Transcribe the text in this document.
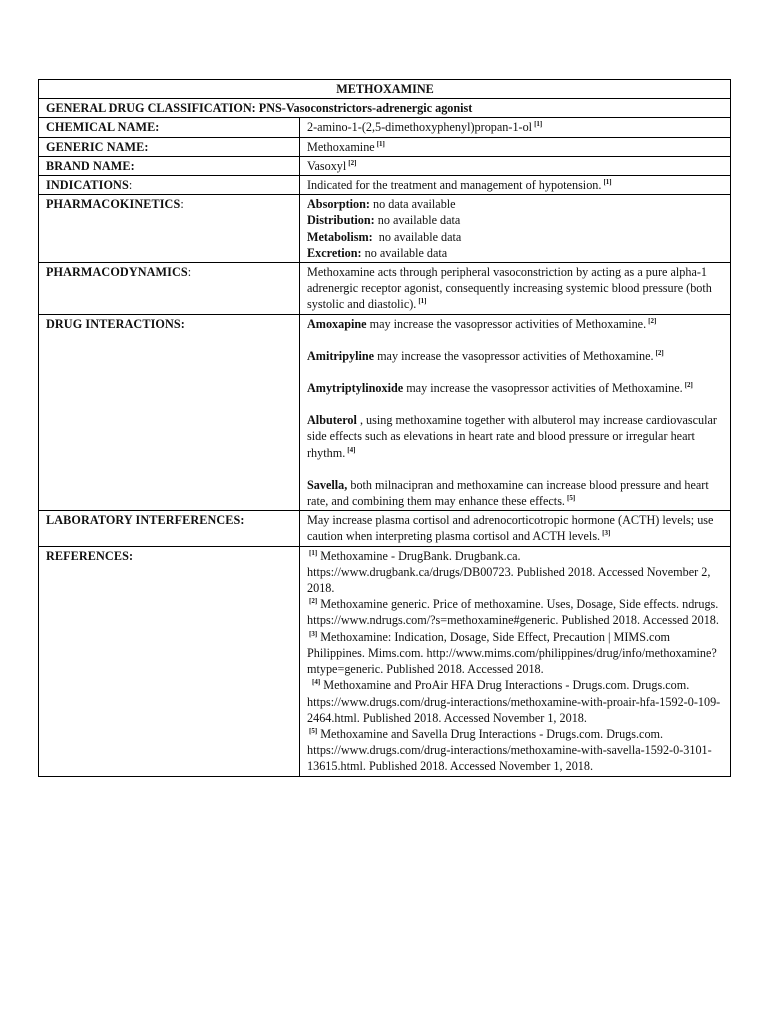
METHOXAMINE	
GENERAL DRUG CLASSIFICATION: PNS-Vasoconstrictors-adrenergic agonist	
CHEMICAL NAME:	2-amino-1-(2,5-dimethoxyphenyl)propan-1-ol [1]
GENERIC NAME:	Methoxamine [1]
BRAND NAME:	Vasoxyl [2]
INDICATIONS:	Indicated for the treatment and management of hypotension. [1]
PHARMACOKINETICS:	Absorption: no data available

Distribution: no available data

Metabolism:  no available data

Excretion: no available data

PHARMACODYNAMICS:	Methoxamine acts through peripheral vasoconstriction by acting as a pure alpha-1 adrenergic receptor agonist, consequently increasing systemic blood pressure (both systolic and diastolic). [1]
DRUG INTERACTIONS:	Amoxapine may increase the vasopressor activities of Methoxamine. [2]

Amitripyline may increase the vasopressor activities of Methoxamine. [2]

Amytriptylinoxide may increase the vasopressor activities of Methoxamine. [2]

Albuterol , using methoxamine together with albuterol may increase cardiovascular side effects such as elevations in heart rate and blood pressure or irregular heart rhythm. [4]

Savella, both milnacipran and methoxamine can increase blood pressure and heart rate, and combining them may enhance these effects. [5]

LABORATORY INTERFERENCES:	May increase plasma cortisol and adrenocorticotropic hormone (ACTH) levels; use caution when interpreting plasma cortisol and ACTH levels. [3]
REFERENCES:	[1] Methoxamine - DrugBank. Drugbank.ca. https://www.drugbank.ca/drugs/DB00723. Published 2018. Accessed November 2, 2018.

[2] Methoxamine generic. Price of methoxamine. Uses, Dosage, Side effects. ndrugs. https://www.ndrugs.com/?s=methoxamine#generic. Published 2018. Accessed 2018.

[3] Methoxamine: Indication, Dosage, Side Effect, Precaution | MIMS.com Philippines. Mims.com. http://www.mims.com/philippines/drug/info/methoxamine?mtype=generic. Published 2018. Accessed 2018.

[4] Methoxamine and ProAir HFA Drug Interactions - Drugs.com. Drugs.com. https://www.drugs.com/drug-interactions/methoxamine-with-proair-hfa-1592-0-109-2464.html. Published 2018. Accessed November 1, 2018.

[5] Methoxamine and Savella Drug Interactions - Drugs.com. Drugs.com. https://www.drugs.com/drug-interactions/methoxamine-with-savella-1592-0-3101-13615.html. Published 2018. Accessed November 1, 2018.
